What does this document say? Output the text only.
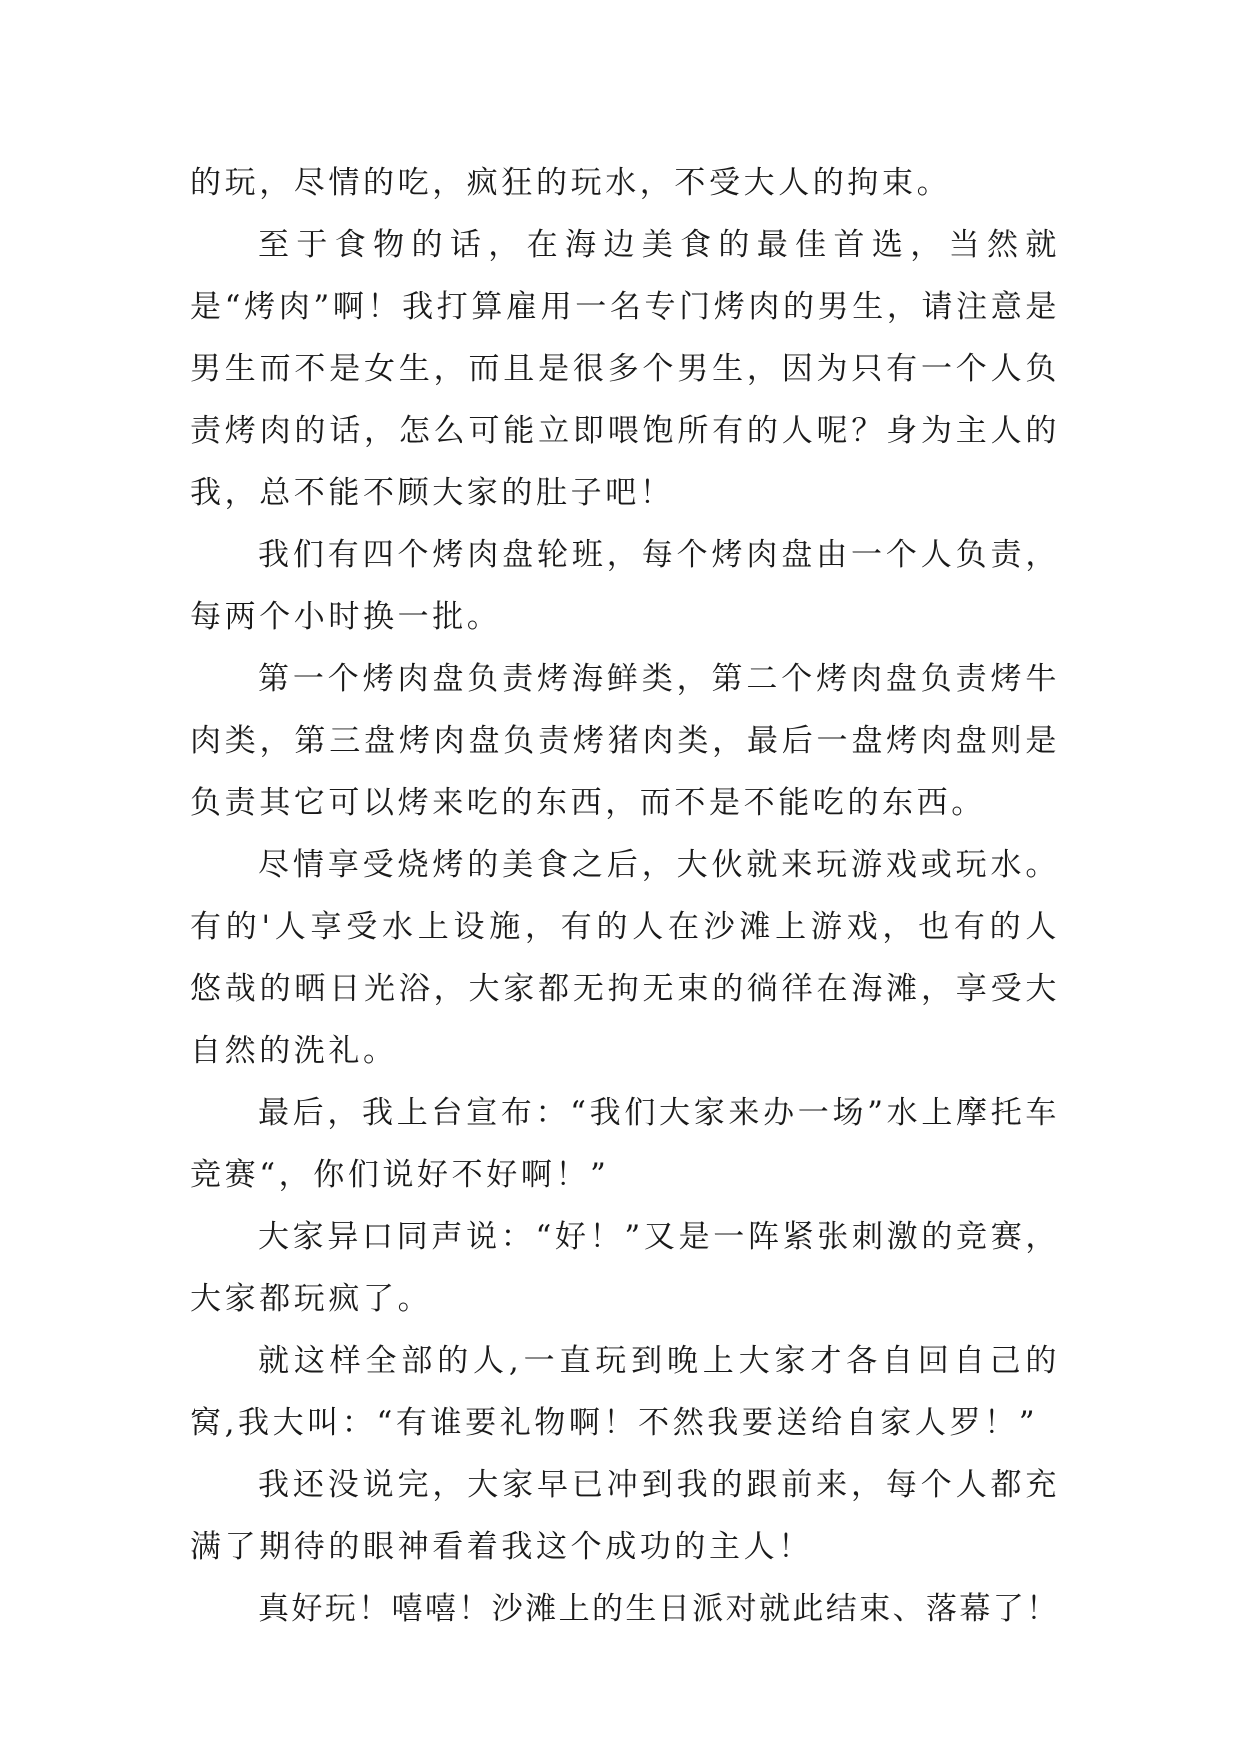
的玩，尽情的吃，疯狂的玩水，不受大人的拘束。

至于食物的话，在海边美食的最佳首选，当然就是“烤肉”啊！我打算雇用一名专门烤肉的男生，请注意是男生而不是女生，而且是很多个男生，因为只有一个人负责烤肉的话，怎么可能立即喂饱所有的人呢？身为主人的我，总不能不顾大家的肚子吧！

我们有四个烤肉盘轮班，每个烤肉盘由一个人负责，每两个小时换一批。

第一个烤肉盘负责烤海鲜类，第二个烤肉盘负责烤牛肉类，第三盘烤肉盘负责烤猪肉类，最后一盘烤肉盘则是负责其它可以烤来吃的东西，而不是不能吃的东西。

尽情享受烧烤的美食之后，大伙就来玩游戏或玩水。有的'人享受水上设施，有的人在沙滩上游戏，也有的人悠哉的晒日光浴，大家都无拘无束的徜徉在海滩，享受大自然的洗礼。

最后，我上台宣布：“我们大家来办一场”水上摩托车竞赛“，你们说好不好啊！”

大家异口同声说：“好！”又是一阵紧张刺激的竞赛，大家都玩疯了。

就这样全部的人,一直玩到晚上大家才各自回自己的窝,我大叫：“有谁要礼物啊！不然我要送给自家人罗！”

我还没说完，大家早已冲到我的跟前来，每个人都充满了期待的眼神看着我这个成功的主人！

真好玩！嘻嘻！沙滩上的生日派对就此结束、落幕了！
